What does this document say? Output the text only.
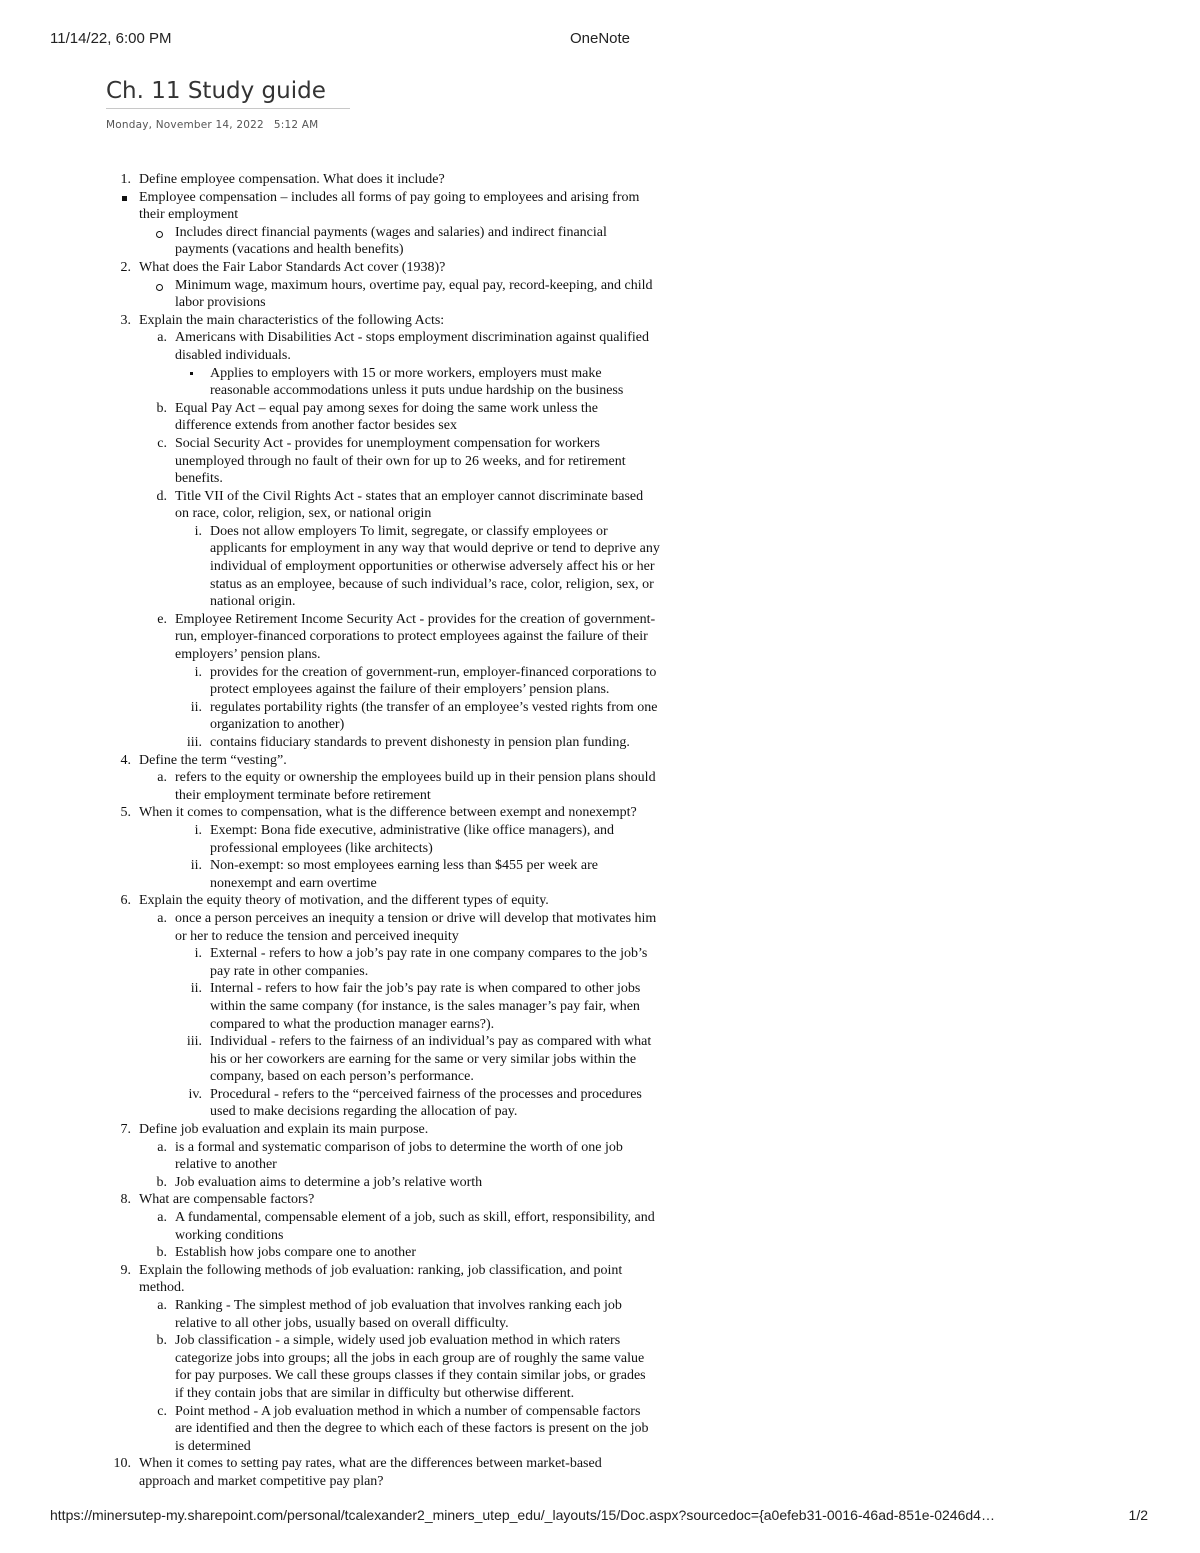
11/14/22, 6:00 PM	OneNote
Ch. 11 Study guide
Monday, November 14, 2022 5:12 AM
1. Define employee compensation. What does it include?
Employee compensation – includes all forms of pay going to employees and arising from
their employment
Includes direct financial payments (wages and salaries) and indirect financial
payments (vacations and health benefits)
2. What does the Fair Labor Standards Act cover (1938)?
Minimum wage, maximum hours, overtime pay, equal pay, record-keeping, and child
labor provisions
3. Explain the main characteristics of the following Acts:
a. Americans with Disabilities Act - stops employment discrimination against qualified
disabled individuals.
Applies to employers with 15 or more workers, employers must make
reasonable accommodations unless it puts undue hardship on the business
b. Equal Pay Act – equal pay among sexes for doing the same work unless the
difference extends from another factor besides sex
c. Social Security Act - provides for unemployment compensation for workers
unemployed through no fault of their own for up to 26 weeks, and for retirement
benefits.
d. Title VII of the Civil Rights Act - states that an employer cannot discriminate based
on race, color, religion, sex, or national origin
i. Does not allow employers To limit, segregate, or classify employees or
applicants for employment in any way that would deprive or tend to deprive any
individual of employment opportunities or otherwise adversely affect his or her
status as an employee, because of such individual’s race, color, religion, sex, or
national origin.
e. Employee Retirement Income Security Act - provides for the creation of government-
run, employer-financed corporations to protect employees against the failure of their
employers’ pension plans.
i. provides for the creation of government-run, employer-financed corporations to
protect employees against the failure of their employers’ pension plans.
ii. regulates portability rights (the transfer of an employee’s vested rights from one
organization to another)
iii. contains fiduciary standards to prevent dishonesty in pension plan funding.
4. Define the term “vesting”.
a. refers to the equity or ownership the employees build up in their pension plans should
their employment terminate before retirement
5. When it comes to compensation, what is the difference between exempt and nonexempt?
i. Exempt: Bona fide executive, administrative (like office managers), and
professional employees (like architects)
ii. Non-exempt: so most employees earning less than $455 per week are
nonexempt and earn overtime
6. Explain the equity theory of motivation, and the different types of equity.
a. once a person perceives an inequity a tension or drive will develop that motivates him
or her to reduce the tension and perceived inequity
i. External - refers to how a job’s pay rate in one company compares to the job’s
pay rate in other companies.
ii. Internal - refers to how fair the job’s pay rate is when compared to other jobs
within the same company (for instance, is the sales manager’s pay fair, when
compared to what the production manager earns?).
iii. Individual - refers to the fairness of an individual’s pay as compared with what
his or her coworkers are earning for the same or very similar jobs within the
company, based on each person’s performance.
iv. Procedural - refers to the “perceived fairness of the processes and procedures
used to make decisions regarding the allocation of pay.
7. Define job evaluation and explain its main purpose.
a. is a formal and systematic comparison of jobs to determine the worth of one job
relative to another
b. Job evaluation aims to determine a job’s relative worth
8. What are compensable factors?
a. A fundamental, compensable element of a job, such as skill, effort, responsibility, and
working conditions
b. Establish how jobs compare one to another
9. Explain the following methods of job evaluation: ranking, job classification, and point
method.
a. Ranking - The simplest method of job evaluation that involves ranking each job
relative to all other jobs, usually based on overall difficulty.
b. Job classification - a simple, widely used job evaluation method in which raters
categorize jobs into groups; all the jobs in each group are of roughly the same value
for pay purposes. We call these groups classes if they contain similar jobs, or grades
if they contain jobs that are similar in difficulty but otherwise different.
c. Point method - A job evaluation method in which a number of compensable factors
are identified and then the degree to which each of these factors is present on the job
is determined
10. When it comes to setting pay rates, what are the differences between market-based
approach and market competitive pay plan?
https://minersutep-my.sharepoint.com/personal/tcalexander2_miners_utep_edu/_layouts/15/Doc.aspx?sourcedoc={a0efeb31-0016-46ad-851e-0246d4…	1/2
